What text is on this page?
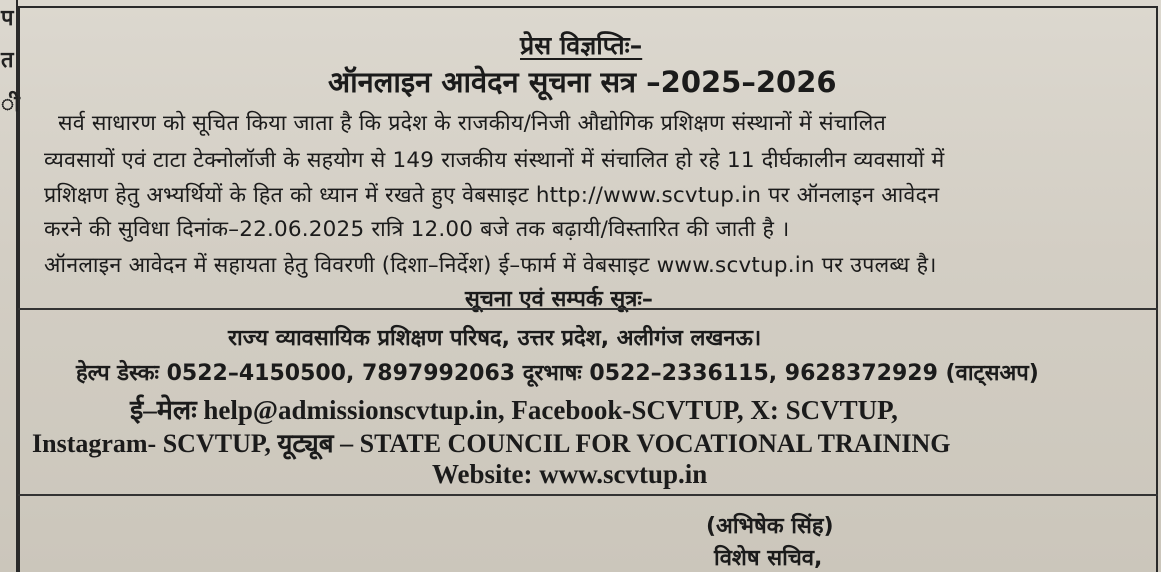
प
त
ी
प्रेस विज्ञप्तिः–
ऑनलाइन आवेदन सूचना सत्र –2025–2026
सर्व साधारण को सूचित किया जाता है कि प्रदेश के राजकीय/निजी औद्योगिक प्रशिक्षण संस्थानों में संचालित
व्यवसायों एवं टाटा टेक्नोलॉजी के सहयोग से 149 राजकीय संस्थानों में संचालित हो रहे 11 दीर्घकालीन व्यवसायों में
प्रशिक्षण हेतु अभ्यर्थियों के हित को ध्यान में रखते हुए वेबसाइट http://www.scvtup.in पर ऑनलाइन आवेदन
करने की सुविधा दिनांक–22.06.2025 रात्रि 12.00 बजे तक बढ़ायी/विस्तारित की जाती है ।
ऑनलाइन आवेदन में सहायता हेतु विवरणी (दिशा–निर्देश) ई–फार्म में वेबसाइट www.scvtup.in पर उपलब्ध है।
सूचना एवं सम्पर्क सूत्रः–
राज्य व्यावसायिक प्रशिक्षण परिषद, उत्तर प्रदेश, अलीगंज लखनऊ।
हेल्प डेस्कः 0522–4150500, 7897992063 दूरभाषः 0522–2336115, 9628372929 (वाट्सअप)
ई–मेलः help@admissionscvtup.in, Facebook-SCVTUP, X: SCVTUP,
Instagram- SCVTUP, यूट्यूब – STATE COUNCIL FOR VOCATIONAL TRAINING
Website: www.scvtup.in
(अभिषेक सिंह)
विशेष सचिव,
